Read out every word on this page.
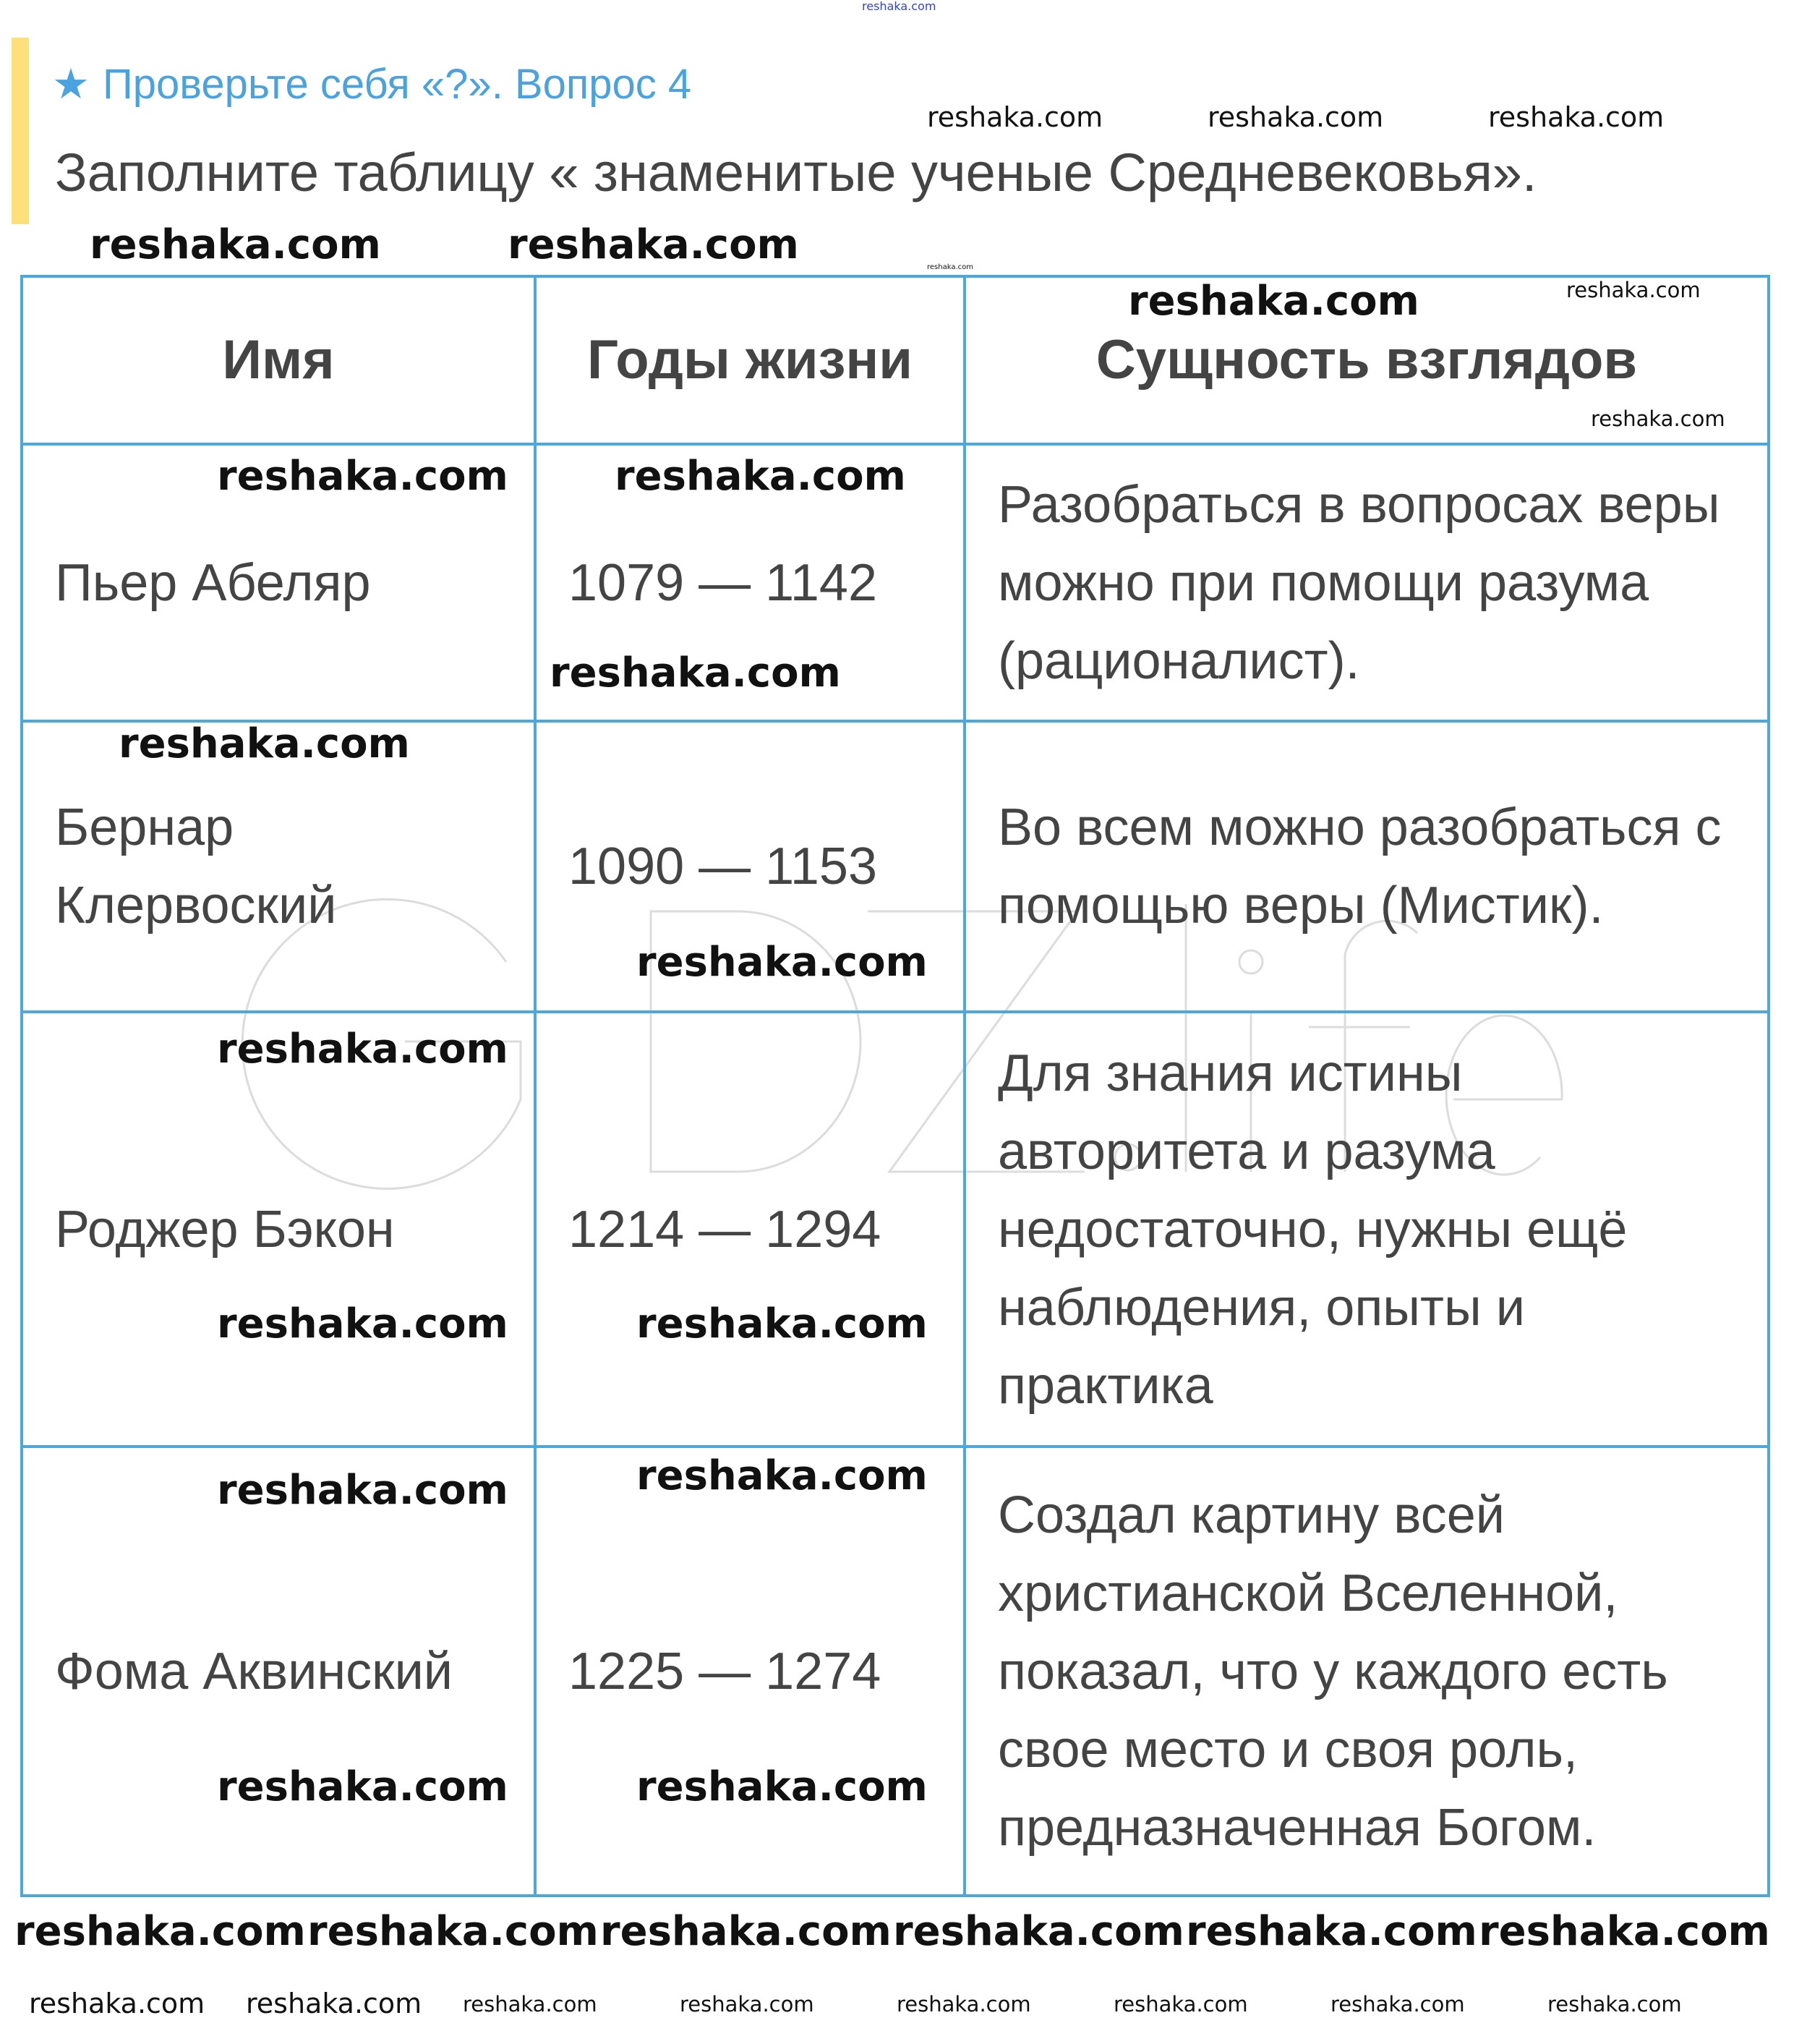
★ Проверьте себя «?». Вопрос 4
Заполните таблицу « знаменитые ученые Средневековья».
Имя	Годы жизни	Сущность взглядов
Пьер Абеляр	1079 — 1142	Разобраться в вопросах веры можно при помощи разума (рационалист).
Бернар Клервоский	1090 — 1153	Во всем можно разобраться с помощью веры (Мистик).
Роджер Бэкон	1214 — 1294	Для знания истины авторитета и разума недостаточно, нужны ещё наблюдения, опыты и практика
Фома Аквинский	1225 — 1274	Создал картину всей христианской Вселенной, показал, что у каждого есть свое место и своя роль, предназначенная Богом.
reshaka.com
reshaka.com	reshaka.com	reshaka.com
reshaka.com	reshaka.com	reshaka.com
reshaka.com
reshaka.com
reshaka.com
reshaka.com	reshaka.com
reshaka.com
reshaka.com
reshaka.com
reshaka.com
reshaka.com
reshaka.com
reshaka.com
reshaka.com
reshaka.com
reshaka.com
reshaka.com reshaka.com reshaka.com reshaka.com reshaka.com reshaka.com
reshaka.com reshaka.com reshaka.com	reshaka.com	reshaka.com	reshaka.com	reshaka.com	reshaka.com
